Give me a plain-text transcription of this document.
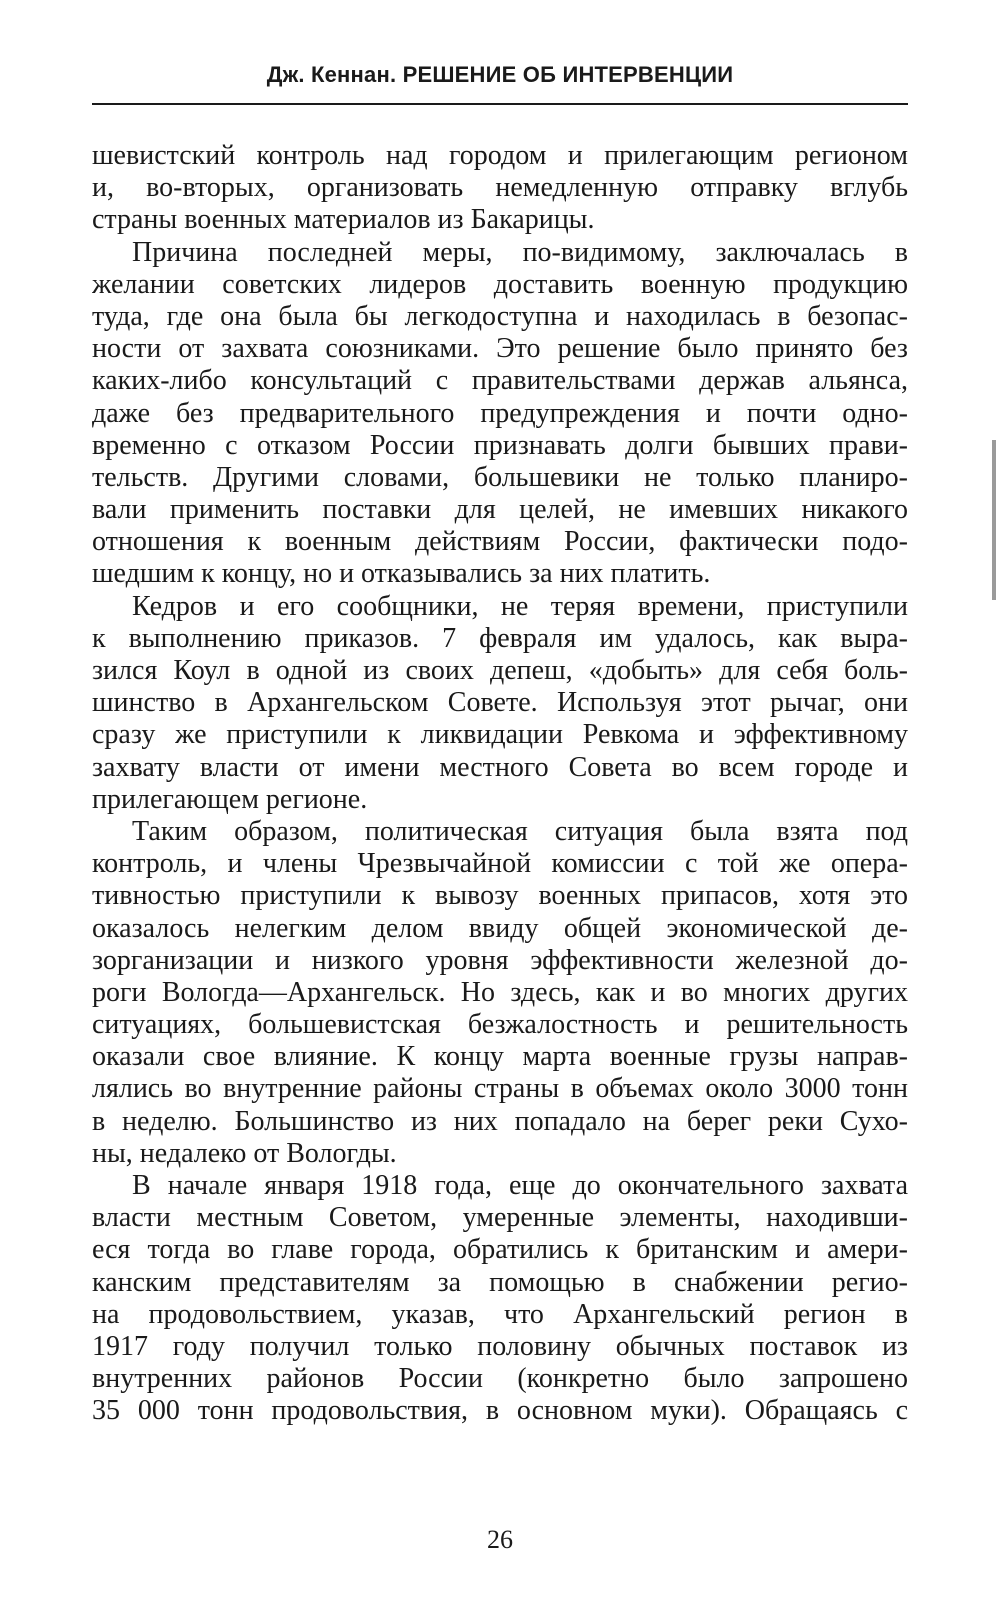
Дж. Кеннан. РЕШЕНИЕ ОБ ИНТЕРВЕНЦИИ
шевистский контроль над городом и прилегающим регионом
и, во-вторых, организовать немедленную отправку вглубь
страны военных материалов из Бакарицы.
Причина последней меры, по-видимому, заключалась в
желании советских лидеров доставить военную продукцию
туда, где она была бы легкодоступна и находилась в безопас-
ности от захвата союзниками. Это решение было принято без
каких-либо консультаций с правительствами держав альянса,
даже без предварительного предупреждения и почти одно-
временно с отказом России признавать долги бывших прави-
тельств. Другими словами, большевики не только планиро-
вали применить поставки для целей, не имевших никакого
отношения к военным действиям России, фактически подо-
шедшим к концу, но и отказывались за них платить.
Кедров и его сообщники, не теряя времени, приступили
к выполнению приказов. 7 февраля им удалось, как выра-
зился Коул в одной из своих депеш, «добыть» для себя боль-
шинство в Архангельском Совете. Используя этот рычаг, они
сразу же приступили к ликвидации Ревкома и эффективному
захвату власти от имени местного Совета во всем городе и
прилегающем регионе.
Таким образом, политическая ситуация была взята под
контроль, и члены Чрезвычайной комиссии с той же опера-
тивностью приступили к вывозу военных припасов, хотя это
оказалось нелегким делом ввиду общей экономической де-
зорганизации и низкого уровня эффективности железной до-
роги Вологда—Архангельск. Но здесь, как и во многих других
ситуациях, большевистская безжалостность и решительность
оказали свое влияние. К концу марта военные грузы направ-
лялись во внутренние районы страны в объемах около 3000 тонн
в неделю. Большинство из них попадало на берег реки Сухо-
ны, недалеко от Вологды.
В начале января 1918 года, еще до окончательного захвата
власти местным Советом, умеренные элементы, находивши-
еся тогда во главе города, обратились к британским и амери-
канским представителям за помощью в снабжении регио-
на продовольствием, указав, что Архангельский регион в
1917 году получил только половину обычных поставок из
внутренних районов России (конкретно было запрошено
35 000 тонн продовольствия, в основном муки). Обращаясь с
26
